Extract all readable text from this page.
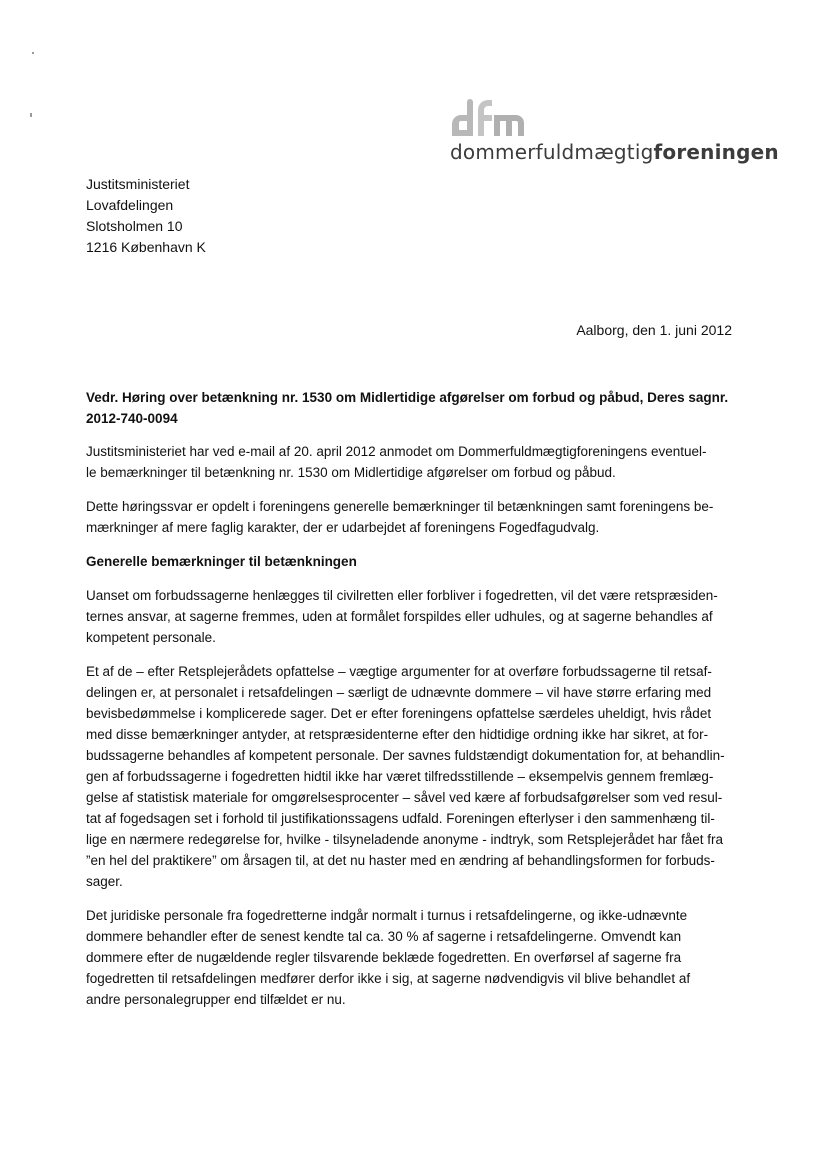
dommerfuldmægtigforeningen
Justitsministeriet
Lovafdelingen
Slotsholmen 10
1216 København K
Aalborg, den 1. juni 2012
Vedr. Høring over betænkning nr. 1530 om Midlertidige afgørelser om forbud og påbud, Deres sagnr.
2012-740-0094
Justitsministeriet har ved e-mail af 20. april 2012 anmodet om Dommerfuldmægtigforeningens eventuel-
le bemærkninger til betænkning nr. 1530 om Midlertidige afgørelser om forbud og påbud.
Dette høringssvar er opdelt i foreningens generelle bemærkninger til betænkningen samt foreningens be-
mærkninger af mere faglig karakter, der er udarbejdet af foreningens Fogedfagudvalg.
Generelle bemærkninger til betænkningen
Uanset om forbudssagerne henlægges til civilretten eller forbliver i fogedretten, vil det være retspræsiden-
ternes ansvar, at sagerne fremmes, uden at formålet forspildes eller udhules, og at sagerne behandles af
kompetent personale.
Et af de – efter Retsplejerådets opfattelse – vægtige argumenter for at overføre forbudssagerne til retsaf-
delingen er, at personalet i retsafdelingen – særligt de udnævnte dommere – vil have større erfaring med
bevisbedømmelse i komplicerede sager. Det er efter foreningens opfattelse særdeles uheldigt, hvis rådet
med disse bemærkninger antyder, at retspræsidenterne efter den hidtidige ordning ikke har sikret, at for-
budssagerne behandles af kompetent personale. Der savnes fuldstændigt dokumentation for, at behandlin-
gen af forbudssagerne i fogedretten hidtil ikke har været tilfredsstillende – eksempelvis gennem fremlæg-
gelse af statistisk materiale for omgørelsesprocenter – såvel ved kære af forbudsafgørelser som ved resul-
tat af fogedsagen set i forhold til justifikationssagens udfald. Foreningen efterlyser i den sammenhæng til-
lige en nærmere redegørelse for, hvilke - tilsyneladende anonyme - indtryk, som Retsplejerådet har fået fra
”en hel del praktikere” om årsagen til, at det nu haster med en ændring af behandlingsformen for forbuds-
sager.
Det juridiske personale fra fogedretterne indgår normalt i turnus i retsafdelingerne, og ikke-udnævnte
dommere behandler efter de senest kendte tal ca. 30 % af sagerne i retsafdelingerne. Omvendt kan
dommere efter de nugældende regler tilsvarende beklæde fogedretten. En overførsel af sagerne fra
fogedretten til retsafdelingen medfører derfor ikke i sig, at sagerne nødvendigvis vil blive behandlet af
andre personalegrupper end tilfældet er nu.
